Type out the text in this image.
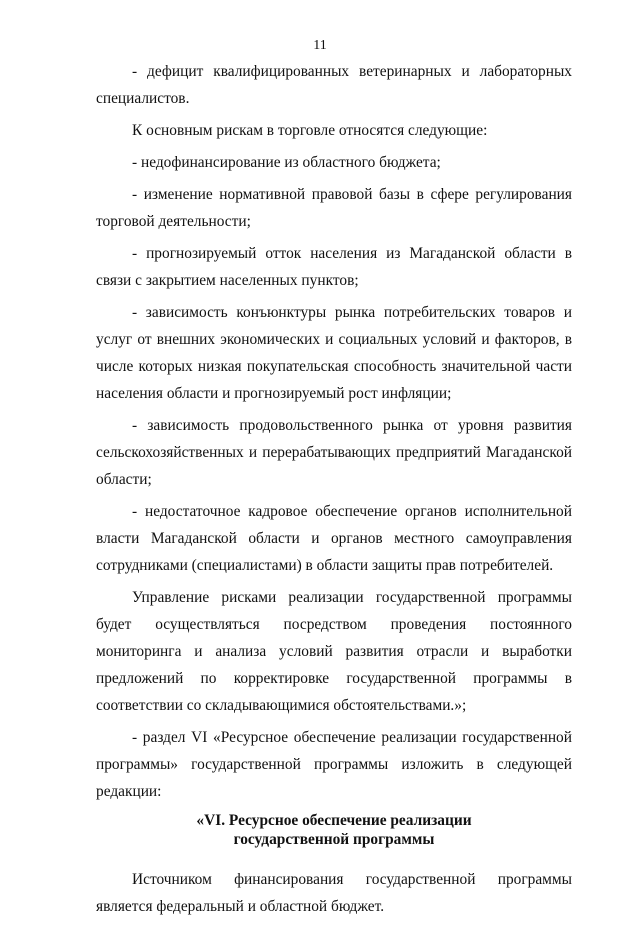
11

- дефицит квалифицированных ветеринарных и лабораторных специалистов.

К основным рискам в торговле относятся следующие:

- недофинансирование из областного бюджета;

- изменение нормативной правовой базы в сфере регулирования торговой деятельности;

- прогнозируемый отток населения из Магаданской области в связи с закрытием населенных пунктов;

- зависимость конъюнктуры рынка потребительских товаров и услуг от внешних экономических и социальных условий и факторов, в числе которых низкая покупательская способность значительной части населения области и прогнозируемый рост инфляции;

- зависимость продовольственного рынка от уровня развития сельскохозяйственных и перерабатывающих предприятий Магаданской области;

- недостаточное кадровое обеспечение органов исполнительной власти Магаданской области и органов местного самоуправления сотрудниками (специалистами) в области защиты прав потребителей.

Управление рисками реализации государственной программы будет осуществляться посредством проведения постоянного мониторинга и анализа условий развития отрасли и выработки предложений по корректировке государственной программы в соответствии со складывающимися обстоятельствами.»;

- раздел VI «Ресурсное обеспечение реализации государственной программы» государственной программы изложить в следующей редакции:

«VI. Ресурсное обеспечение реализации
государственной программы

Источником финансирования государственной программы является федеральный и областной бюджет.
